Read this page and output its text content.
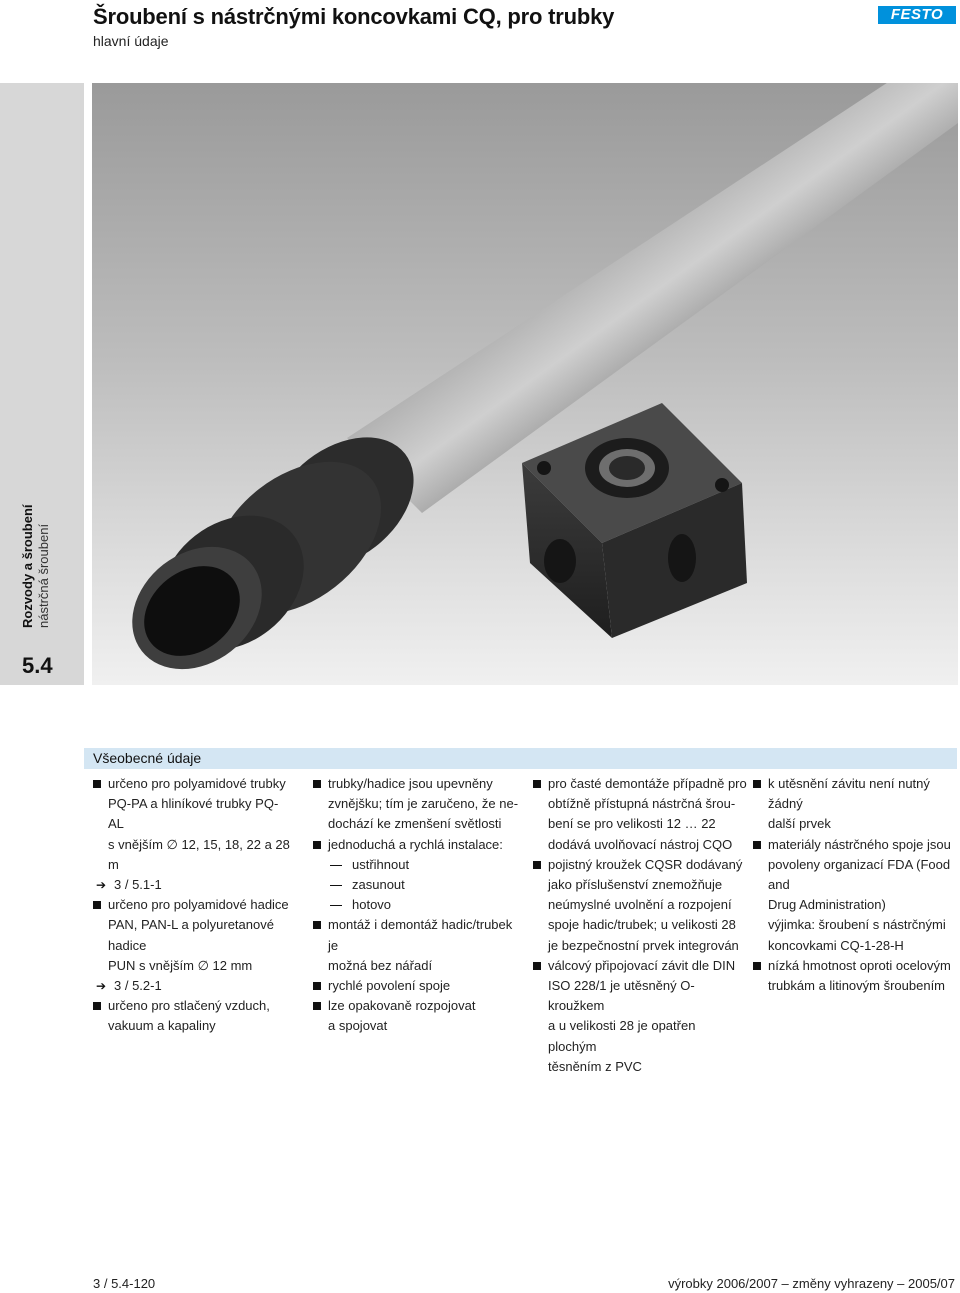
Šroubení s nástrčnými koncovkami CQ, pro trubky
hlavní údaje
FESTO
Rozvody a šroubení nástrčná šroubení
5.4
Všeobecné údaje
určeno pro polyamidové trubky
PQ-PA a hliníkové trubky PQ-AL
s vnějším ∅ 12, 15, 18, 22 a 28 m
➔ 3 / 5.1-1
určeno pro polyamidové hadice
PAN, PAN-L a polyuretanové hadice
PUN s vnějším ∅ 12 mm
➔ 3 / 5.2-1
určeno pro stlačený vzduch,
vakuum a kapaliny
trubky/hadice jsou upevněny
zvnějšku; tím je zaručeno, že ne-
dochází ke zmenšení světlosti
jednoduchá a rychlá instalace:
ustřihnout
zasunout
hotovo
montáž i demontáž hadic/trubek je
možná bez nářadí
rychlé povolení spoje
lze opakovaně rozpojovat
a spojovat
pro časté demontáže případně pro
obtížně přístupná nástrčná šrou-
bení se pro velikosti 12 … 22
dodává uvolňovací nástroj CQO
pojistný kroužek CQSR dodávaný
jako příslušenství znemožňuje
neúmyslné uvolnění a rozpojení
spoje hadic/trubek; u velikosti 28
je bezpečnostní prvek integrován
válcový připojovací závit dle DIN
ISO 228/1 je utěsněný O-kroužkem
a u velikosti 28 je opatřen plochým
těsněním z PVC
k utěsnění závitu není nutný žádný
další prvek
materiály nástrčného spoje jsou
povoleny organizací FDA (Food and
Drug Administration)
výjimka: šroubení s nástrčnými
koncovkami CQ-1-28-H
nízká hmotnost oproti ocelovým
trubkám a litinovým šroubením
3 / 5.4-120	výrobky 2006/2007 – změny vyhrazeny – 2005/07
